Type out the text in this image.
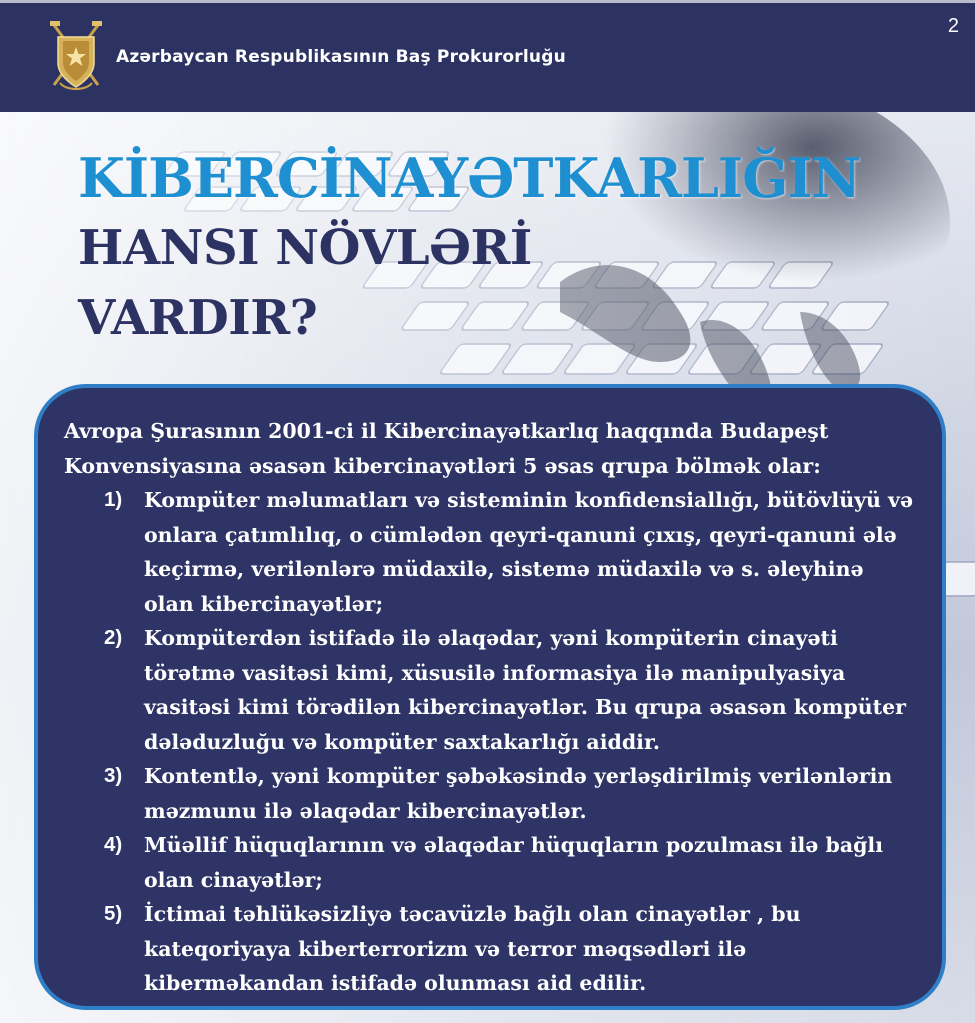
Azərbaycan Respublikasının Baş Prokurorluğu
2
KİBERCİNAYƏTKARLIĞIN
HANSI NÖVLƏRİ
VARDIR?

Avropa Şurasının 2001-ci il Kibercinayətkarlıq haqqında Budapeşt Konvensiyasına əsasən kibercinayətləri 5 əsas qrupa bölmək olar:

1) Kompüter məlumatları və sisteminin konfidensiallığı, bütövlüyü və onlara çatımlılıq, o cümlədən qeyri-qanuni çıxış, qeyri-qanuni ələ keçirmə, verilənlərə müdaxilə, sistemə müdaxilə və s. əleyhinə olan kibercinayətlər;
2) Kompüterdən istifadə ilə əlaqədar, yəni kompüterin cinayəti törətmə vasitəsi kimi, xüsusilə informasiya ilə manipulyasiya vasitəsi kimi törədilən kibercinayətlər. Bu qrupa əsasən kompüter dələduzluğu və kompüter saxtakarlığı aiddir.
3) Kontentlə, yəni kompüter şəbəkəsində yerləşdirilmiş verilənlərin məzmunu ilə əlaqədar kibercinayətlər.
4) Müəllif hüquqlarının və əlaqədar hüquqların pozulması ilə bağlı olan cinayətlər;
5) İctimai təhlükəsizliyə təcavüzlə bağlı olan cinayətlər , bu kateqoriyaya kiberterrorizm və terror məqsədləri ilə kiberməkandan istifadə olunması aid edilir.
